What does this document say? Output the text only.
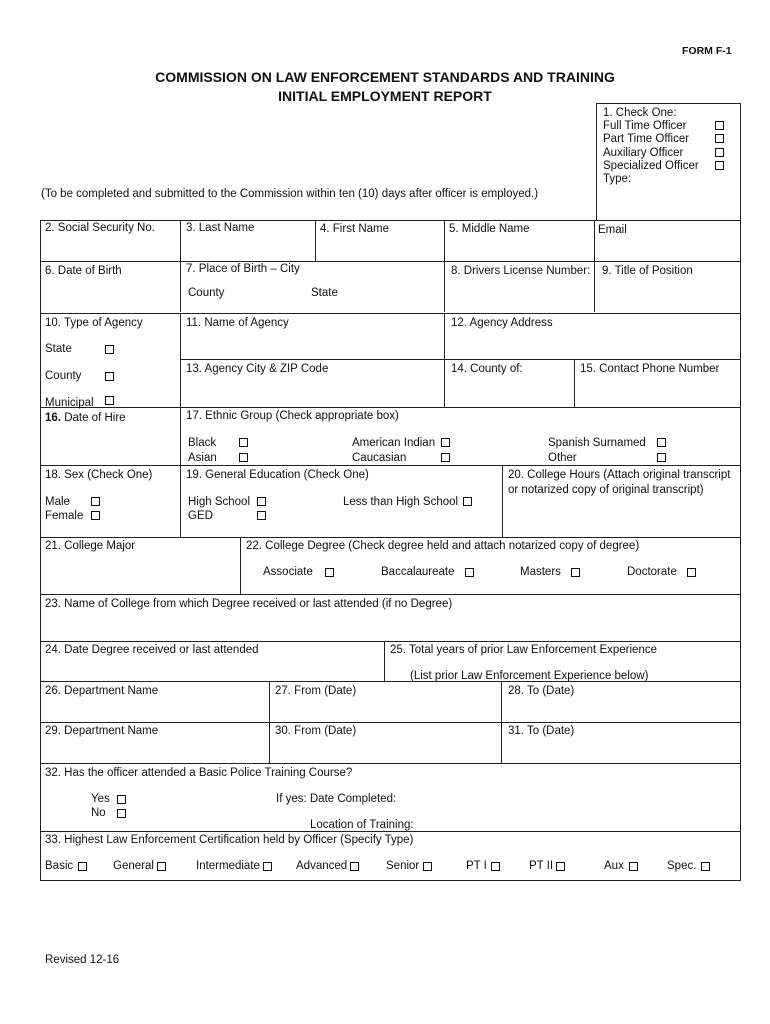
FORM F-1
COMMISSION ON LAW ENFORCEMENT STANDARDS AND TRAINING
INITIAL EMPLOYMENT REPORT
(To be completed and submitted to the Commission within ten (10) days after officer is employed.)
1. Check One:
Full Time Officer
Part Time Officer
Auxiliary Officer
Specialized Officer
Type:
2. Social Security No.	3. Last Name	4. First Name	5. Middle Name	Email
6. Date of Birth	7. Place of Birth – City
County	State
8. Drivers License Number: 9. Title of Position
10. Type of Agency
State
County
Municipal
11. Name of Agency	12. Agency Address
13. Agency City & ZIP Code	14. County of:	15. Contact Phone Number
16. Date of Hire	17. Ethnic Group (Check appropriate box)
Black
Asian
American Indian
Caucasian
Spanish Surnamed
Other
18. Sex (Check One)
Male
Female
19. General Education (Check One)
High School
GED
Less than High School
20. College Hours (Attach original transcript
or notarized copy of original transcript)
21. College Major	22. College Degree (Check degree held and attach notarized copy of degree)
Associate	Baccalaureate	Masters	Doctorate
23. Name of College from which Degree received or last attended (if no Degree)
24. Date Degree received or last attended	25. Total years of prior Law Enforcement Experience
(List prior Law Enforcement Experience below)
26. Department Name	27. From (Date)	28. To (Date)
29. Department Name	30. From (Date)	31. To (Date)
32. Has the officer attended a Basic Police Training Course?
Yes
No
If yes: Date Completed:
Location of Training:
33. Highest Law Enforcement Certification held by Officer (Specify Type)
Basic	General	Intermediate	Advanced	Senior	PT I	PT II	Aux	Spec.
Revised 12-16
